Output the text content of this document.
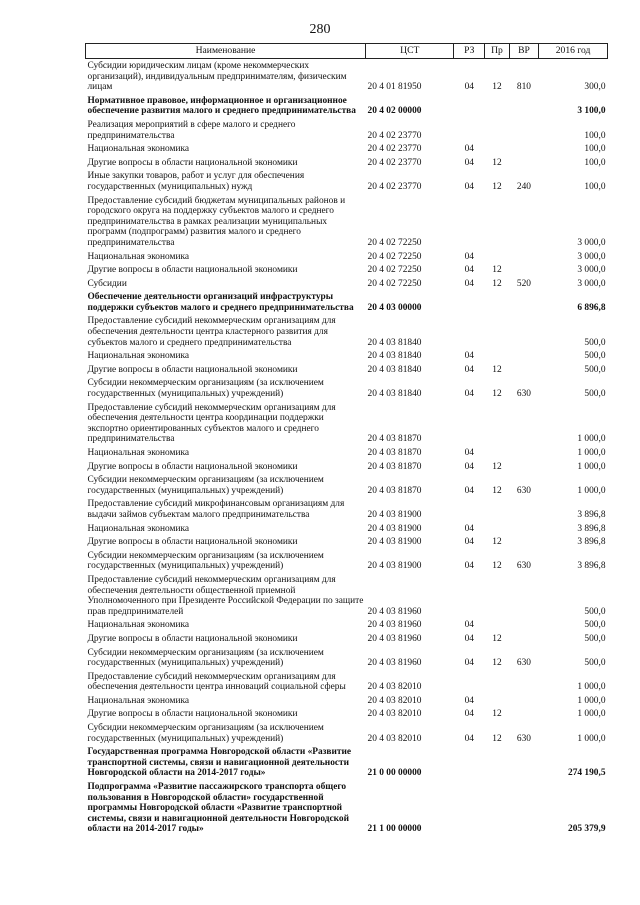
280
Наименование	ЦСТ	РЗ	Пр	ВР	2016 год
Субсидии юридическим лицам (кроме некоммерческих организаций), индивидуальным предпринимателям, физическим лицам	20 4 01 81950	04	12	810	300,0
Нормативное правовое, информационное и организационное обеспечение развития малого и среднего предпринимательства	20 4 02 00000				3 100,0
Реализация мероприятий в сфере малого и среднего предпринимательства	20 4 02 23770				100,0
Национальная экономика	20 4 02 23770	04			100,0
Другие вопросы в области национальной экономики	20 4 02 23770	04	12		100,0
Иные закупки товаров, работ и услуг для обеспечения государственных (муниципальных) нужд	20 4 02 23770	04	12	240	100,0
Предоставление субсидий бюджетам муниципальных районов и городского округа на поддержку субъектов малого и среднего предпринимательства в рамках реализации муниципальных программ (подпрограмм) развития малого и среднего предпринимательства	20 4 02 72250				3 000,0
Национальная экономика	20 4 02 72250	04			3 000,0
Другие вопросы в области национальной экономики	20 4 02 72250	04	12		3 000,0
Субсидии	20 4 02 72250	04	12	520	3 000,0
Обеспечение деятельности организаций инфраструктуры поддержки субъектов малого и среднего предпринимательства	20 4 03 00000				6 896,8
Предоставление субсидий некоммерческим организациям для обеспечения деятельности центра кластерного развития для субъектов малого и среднего предпринимательства	20 4 03 81840				500,0
Национальная экономика	20 4 03 81840	04			500,0
Другие вопросы в области национальной экономики	20 4 03 81840	04	12		500,0
Субсидии некоммерческим организациям (за исключением государственных (муниципальных) учреждений)	20 4 03 81840	04	12	630	500,0
Предоставление субсидий некоммерческим организациям для обеспечения деятельности центра координации поддержки экспортно ориентированных субъектов малого и среднего предпринимательства	20 4 03 81870				1 000,0
Национальная экономика	20 4 03 81870	04			1 000,0
Другие вопросы в области национальной экономики	20 4 03 81870	04	12		1 000,0
Субсидии некоммерческим организациям (за исключением государственных (муниципальных) учреждений)	20 4 03 81870	04	12	630	1 000,0
Предоставление субсидий микрофинансовым организациям для выдачи займов субъектам малого предпринимательства	20 4 03 81900				3 896,8
Национальная экономика	20 4 03 81900	04			3 896,8
Другие вопросы в области национальной экономики	20 4 03 81900	04	12		3 896,8
Субсидии некоммерческим организациям (за исключением государственных (муниципальных) учреждений)	20 4 03 81900	04	12	630	3 896,8
Предоставление субсидий некоммерческим организациям для обеспечения деятельности общественной приемной Уполномоченного при Президенте Российской Федерации по защите прав предпринимателей	20 4 03 81960				500,0
Национальная экономика	20 4 03 81960	04			500,0
Другие вопросы в области национальной экономики	20 4 03 81960	04	12		500,0
Субсидии некоммерческим организациям (за исключением государственных (муниципальных) учреждений)	20 4 03 81960	04	12	630	500,0
Предоставление субсидий некоммерческим организациям для обеспечения деятельности центра инноваций социальной сферы	20 4 03 82010				1 000,0
Национальная экономика	20 4 03 82010	04			1 000,0
Другие вопросы в области национальной экономики	20 4 03 82010	04	12		1 000,0
Субсидии некоммерческим организациям (за исключением государственных (муниципальных) учреждений)	20 4 03 82010	04	12	630	1 000,0
Государственная программа Новгородской области «Развитие транспортной системы, связи и навигационной деятельности Новгородской области на 2014-2017 годы»	21 0 00 00000				274 190,5
Подпрограмма «Развитие пассажирского транспорта общего пользования в Новгородской области» государственной программы Новгородской области «Развитие транспортной системы, связи и навигационной деятельности Новгородской области на 2014-2017 годы»	21 1 00 00000				205 379,9
